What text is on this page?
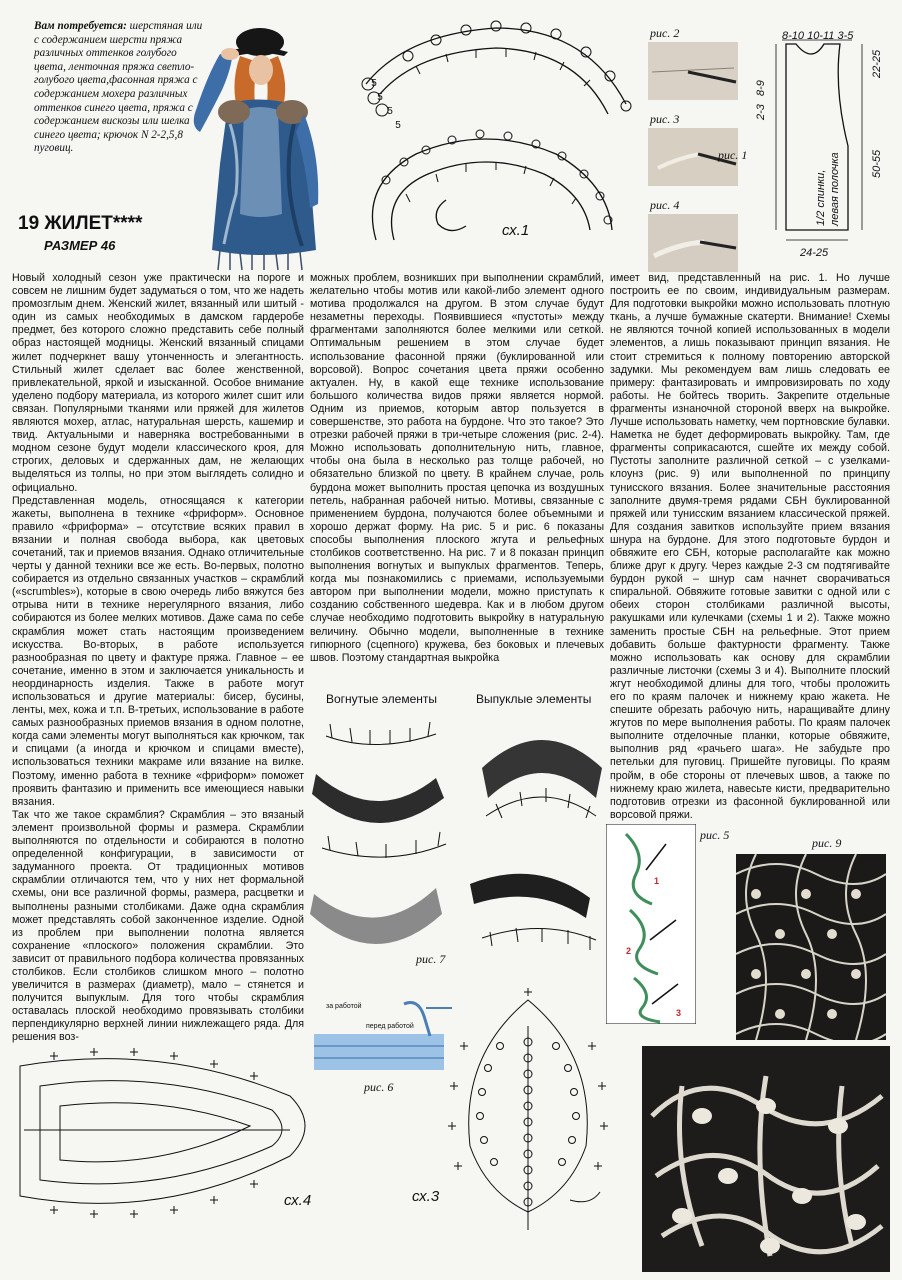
Вам потребуется: шерстяная или с содержанием шерсти пряжа различных оттенков голубого цвета, ленточная пряжа светло-голубого цвета,фасонная пряжа с содержанием мохера различных оттенков синего цвета, пряжа с содержанием вискозы или шелка синего цвета; крючок N 2-2,5,8 пуговиц.
19 ЖИЛЕТ****
РАЗМЕР 46
5
5
5
5
сх.1
рис. 2
рис. 3
рис. 4
8-10 10-11 3-5
8-9
2-3
22-25
50-55
24-25
1/2 спинки, левая полочка
рис. 1
Новый холодный сезон уже практически на пороге и совсем не лишним будет задуматься о том, что же надеть промозглым днем. Женский жилет, вязанный или шитый - один из самых необходимых в дамском гардеробе предмет, без которого сложно представить себе полный образ настоящей модницы. Женский вязанный спицами жилет подчеркнет вашу утонченность и элегантность. Стильный жилет сделает вас более женственной, привлекательной, яркой и изысканной. Особое внимание уделено подбору материала, из которого жилет сшит или связан. Популярными тканями или пряжей для жилетов являются мохер, атлас, натуральная шерсть, кашемир и твид. Актуальными и наверняка востребованными в модном сезоне будут модели классического кроя, для строгих, деловых и сдержанных дам, не желающих выделяться из толпы, но при этом выглядеть солидно и официально.
Представленная модель, относящаяся к категории жакеты, выполнена в технике «фриформ». Основное правило «фриформа» – отсутствие всяких правил в вязании и полная свобода выбора, как цветовых сочетаний, так и приемов вязания. Однако отличительные черты у данной техники все же есть. Во-первых, полотно собирается из отдельно связанных участков – скрамблий («scrumbles»), которые в свою очередь либо вяжутся без отрыва нити в технике нерегулярного вязания, либо собираются из более мелких мотивов. Даже сама по себе скрамблия может стать настоящим произведением искусства. Во-вторых, в работе используется разнообразная по цвету и фактуре пряжа. Главное – ее сочетание, именно в этом и заключается уникальность и неординарность изделия. Также в работе могут использоваться и другие материалы: бисер, бусины, ленты, мех, кожа и т.п. В-третьих, использование в работе самых разнообразных приемов вязания в одном полотне, когда сами элементы могут выполняться как крючком, так и спицами (а иногда и крючком и спицами вместе), использоваться техники макраме или вязание на вилке. Поэтому, именно работа в технике «фриформ» поможет проявить фантазию и применить все имеющиеся навыки вязания.
Так что же такое скрамблия? Скрамблия – это вязаный элемент произвольной формы и размера. Скрамблии выполняются по отдельности и собираются в полотно определенной конфигурации, в зависимости от задуманного проекта. От традиционных мотивов скрамблии отличаются тем, что у них нет формальной схемы, они все различной формы, размера, расцветки и выполнены разными столбиками. Даже одна скрамблия может представлять собой законченное изделие. Одной из проблем при выполнении полотна является сохранение «плоского» положения скрамблии. Это зависит от правильного подбора количества провязанных столбиков. Если столбиков слишком много – полотно увеличится в размерах (диаметр), мало – стянется и получится выпуклым. Для того чтобы скрамблия оставалась плоской необходимо провязывать столбики перпендикулярно верхней линии нижлежащего ряда. Для решения воз-
можных проблем, возникших при выполнении скрамблий, желательно чтобы мотив или какой-либо элемент одного мотива продолжался на другом. В этом случае будут незаметны переходы. Появившиеся «пустоты» между фрагментами заполняются более мелкими или сеткой. Оптимальным решением в этом случае будет использование фасонной пряжи (буклированной или ворсовой). Вопрос сочетания цвета пряжи особенно актуален. Ну, в какой еще технике использование большого количества видов пряжи является нормой. Одним из приемов, которым автор пользуется в совершенстве, это работа на бурдоне. Что это такое? Это отрезки рабочей пряжи в три-четыре сложения (рис. 2-4). Можно использовать дополнительную нить, главное, чтобы она была в несколько раз толще рабочей, но обязательно близкой по цвету. В крайнем случае, роль бурдона может выполнить простая цепочка из воздушных петель, набранная рабочей нитью. Мотивы, связанные с применением бурдона, получаются более объемными и хорошо держат форму. На рис. 5 и рис. 6 показаны способы выполнения плоского жгута и рельефных столбиков соответственно. На рис. 7 и 8 показан принцип выполнения вогнутых и выпуклых фрагментов. Теперь, когда мы познакомились с приемами, используемыми автором при выполнении модели, можно приступать к созданию собственного шедевра. Как и в любом другом случае необходимо подготовить выкройку в натуральную величину. Обычно модели, выполненные в технике гипюрного (сцепного) кружева, без боковых и плечевых швов. Поэтому стандартная выкройка
имеет вид, представленный на рис. 1. Но лучше построить ее по своим, индивидуальным размерам. Для подготовки выкройки можно использовать плотную ткань, а лучше бумажные скатерти. Внимание! Схемы не являются точной копией использованных в модели элементов, а лишь показывают принцип вязания. Не стоит стремиться к полному повторению авторской задумки. Мы рекомендуем вам лишь следовать ее примеру: фантазировать и импровизировать по ходу работы. Не бойтесь творить. Закрепите отдельные фрагменты изнаночной стороной вверх на выкройке. Лучше использовать наметку, чем портновские булавки. Наметка не будет деформировать выкройку. Там, где фрагменты соприкасаются, сшейте их между собой. Пустоты заполните различной сеткой – с узелками-клоунз (рис. 9) или выполненной по принципу тунисского вязания. Более значительные расстояния заполните двумя-тремя рядами СБН буклированной пряжей или тунисским вязанием классической пряжей. Для создания завитков используйте прием вязания шнура на бурдоне. Для этого подготовьте бурдон и обвяжите его СБН, которые располагайте как можно ближе друг к другу. Через каждые 2-3 см подтягивайте бурдон рукой – шнур сам начнет сворачиваться спиральной. Обвяжите готовые завитки с одной или с обеих сторон столбиками различной высоты, ракушками или кулечками (схемы 1 и 2). Также можно заменить простые СБН на рельефные. Этот прием добавить больше фактурности фрагменту. Также можно использовать как основу для скрамблии различные листочки (схемы 3 и 4). Выполните плоский жгут необходимой длины для того, чтобы проложить его по краям палочек и нижнему краю жакета. Не спешите обрезать рабочую нить, наращивайте длину жгутов по мере выполнения работы. По краям палочек выполните отделочные планки, которые обвяжите, выполнив ряд «рачьего шага». Не забудьте про петельки для пуговиц. Пришейте пуговицы. По краям пройм, в обе стороны от плечевых швов, а также по нижнему краю жилета, навесьте кисти, предварительно подготовив отрезки из фасонной буклированной или ворсовой пряжи.
Вогнутые элементы	Выпуклые элементы
рис. 7
за работой
перед работой
рис. 6
сх.3
сх.4
1
2
3
рис. 5
рис. 9
